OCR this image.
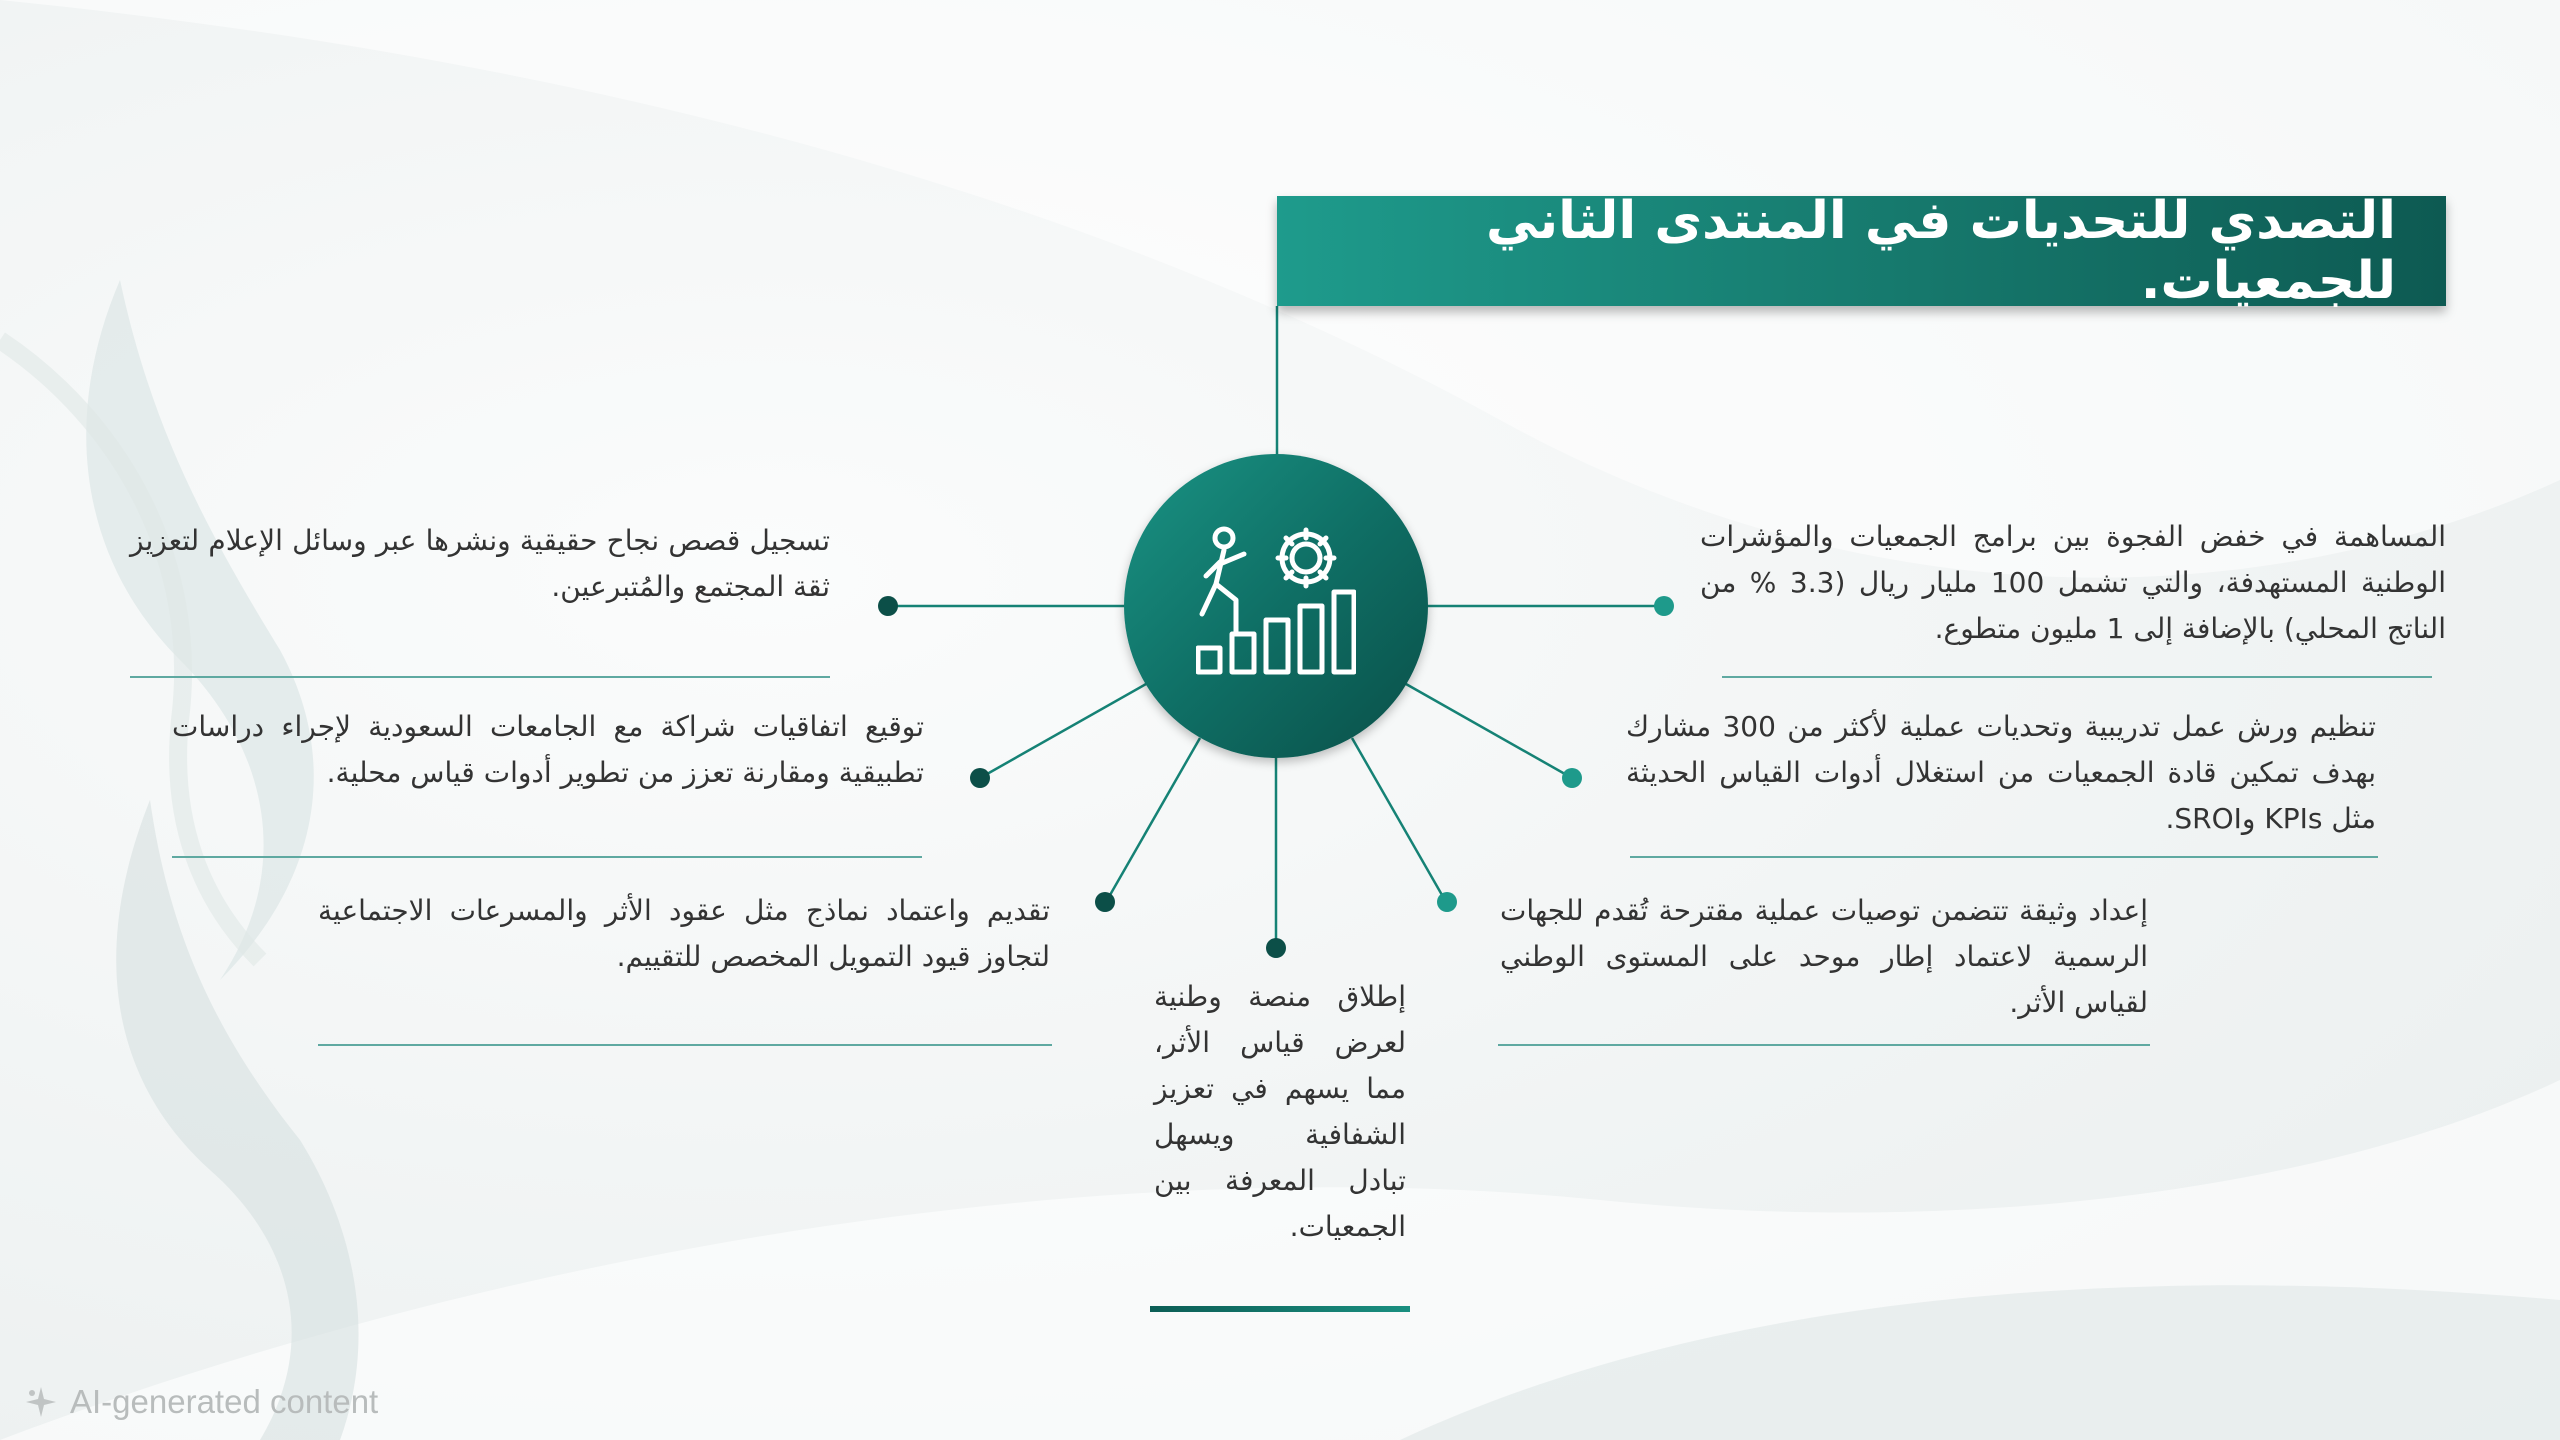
التصدي للتحديات في المنتدى الثاني للجمعيات.

المساهمة في خفض الفجوة بين برامج الجمعيات والمؤشرات الوطنية المستهدفة، والتي تشمل 100 مليار ريال (3.3 % من الناتج المحلي) بالإضافة إلى 1 مليون متطوع.

تنظيم ورش عمل تدريبية وتحديات عملية لأكثر من 300 مشارك بهدف تمكين قادة الجمعيات من استغلال أدوات القياس الحديثة مثل KPIs وSROI.

إعداد وثيقة تتضمن توصيات عملية مقترحة تُقدم للجهات الرسمية لاعتماد إطار موحد على المستوى الوطني لقياس الأثر.

إطلاق منصة وطنية لعرض قياس الأثر، مما يسهم في تعزيز الشفافية ويسهل تبادل المعرفة بين الجمعيات.

تقديم واعتماد نماذج مثل عقود الأثر والمسرعات الاجتماعية لتجاوز قيود التمويل المخصص للتقييم.

توقيع اتفاقيات شراكة مع الجامعات السعودية لإجراء دراسات تطبيقية ومقارنة تعزز من تطوير أدوات قياس محلية.

تسجيل قصص نجاح حقيقية ونشرها عبر وسائل الإعلام لتعزيز ثقة المجتمع والمُتبرعين.

AI-generated content
